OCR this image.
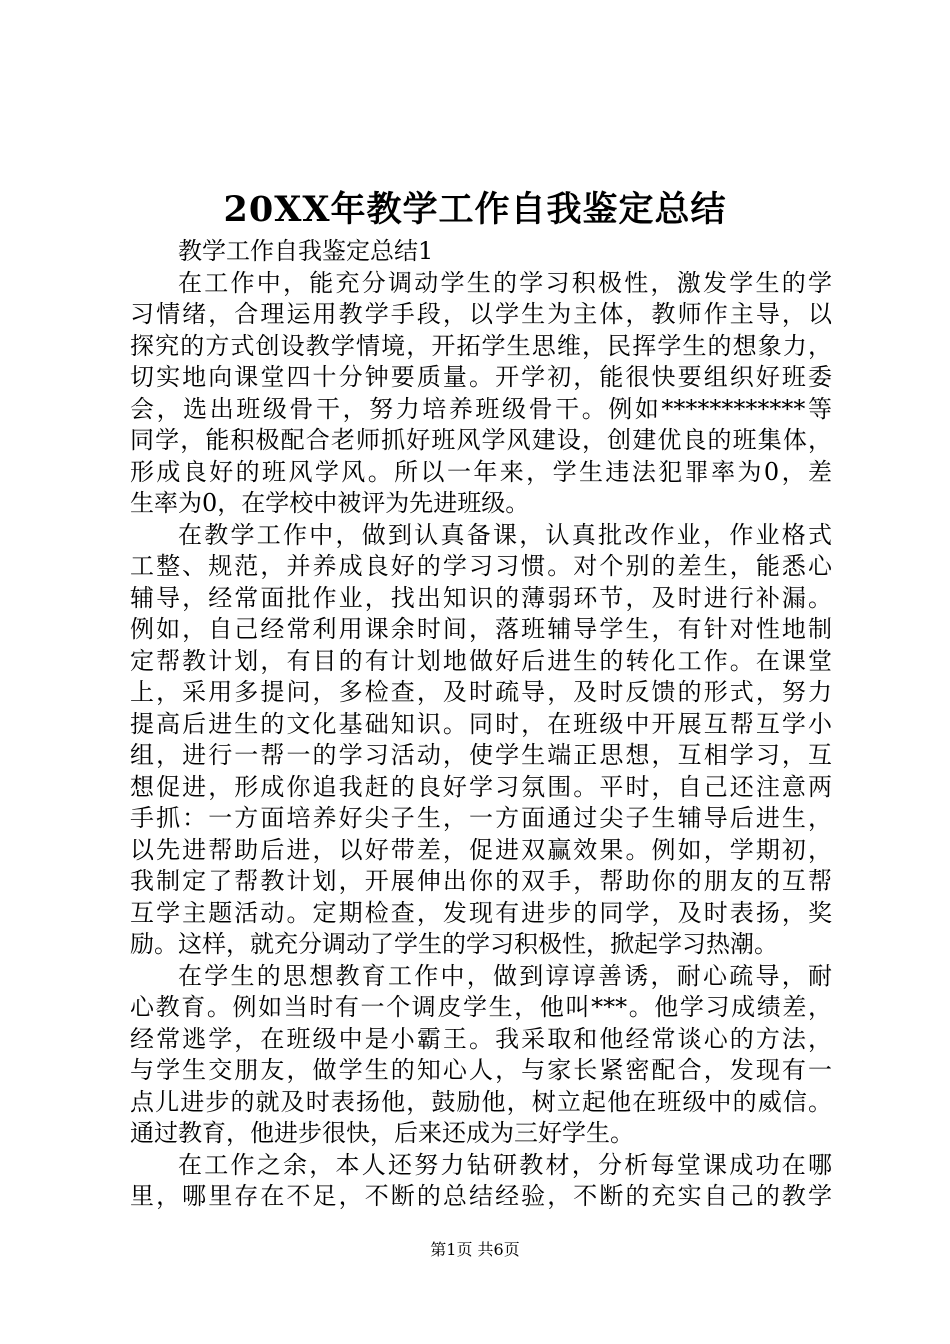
20XX年教学工作自我鉴定总结
教学工作自我鉴定总结1
在工作中，能充分调动学生的学习积极性，激发学生的学
习情绪，合理运用教学手段，以学生为主体，教师作主导，以
探究的方式创设教学情境，开拓学生思维，民挥学生的想象力，
切实地向课堂四十分钟要质量。开学初，能很快要组织好班委
会，选出班级骨干，努力培养班级骨干。例如************等
同学，能积极配合老师抓好班风学风建设，创建优良的班集体，
形成良好的班风学风。所以一年来，学生违法犯罪率为0，差
生率为0，在学校中被评为先进班级。
在教学工作中，做到认真备课，认真批改作业，作业格式
工整、规范，并养成良好的学习习惯。对个别的差生，能悉心
辅导，经常面批作业，找出知识的薄弱环节，及时进行补漏。
例如，自己经常利用课余时间，落班辅导学生，有针对性地制
定帮教计划，有目的有计划地做好后进生的转化工作。在课堂
上，采用多提问，多检查，及时疏导，及时反馈的形式，努力
提高后进生的文化基础知识。同时，在班级中开展互帮互学小
组，进行一帮一的学习活动，使学生端正思想，互相学习，互
想促进，形成你追我赶的良好学习氛围。平时，自己还注意两
手抓：一方面培养好尖子生，一方面通过尖子生辅导后进生，
以先进帮助后进，以好带差，促进双赢效果。例如，学期初，
我制定了帮教计划，开展伸出你的双手，帮助你的朋友的互帮
互学主题活动。定期检查，发现有进步的同学，及时表扬，奖
励。这样，就充分调动了学生的学习积极性，掀起学习热潮。
在学生的思想教育工作中，做到谆谆善诱，耐心疏导，耐
心教育。例如当时有一个调皮学生，他叫***。他学习成绩差，
经常逃学，在班级中是小霸王。我采取和他经常谈心的方法，
与学生交朋友，做学生的知心人，与家长紧密配合，发现有一
点儿进步的就及时表扬他，鼓励他，树立起他在班级中的威信。
通过教育，他进步很快，后来还成为三好学生。
在工作之余，本人还努力钻研教材，分析每堂课成功在哪
里，哪里存在不足，不断的总结经验，不断的充实自己的教学
第1页 共6页
